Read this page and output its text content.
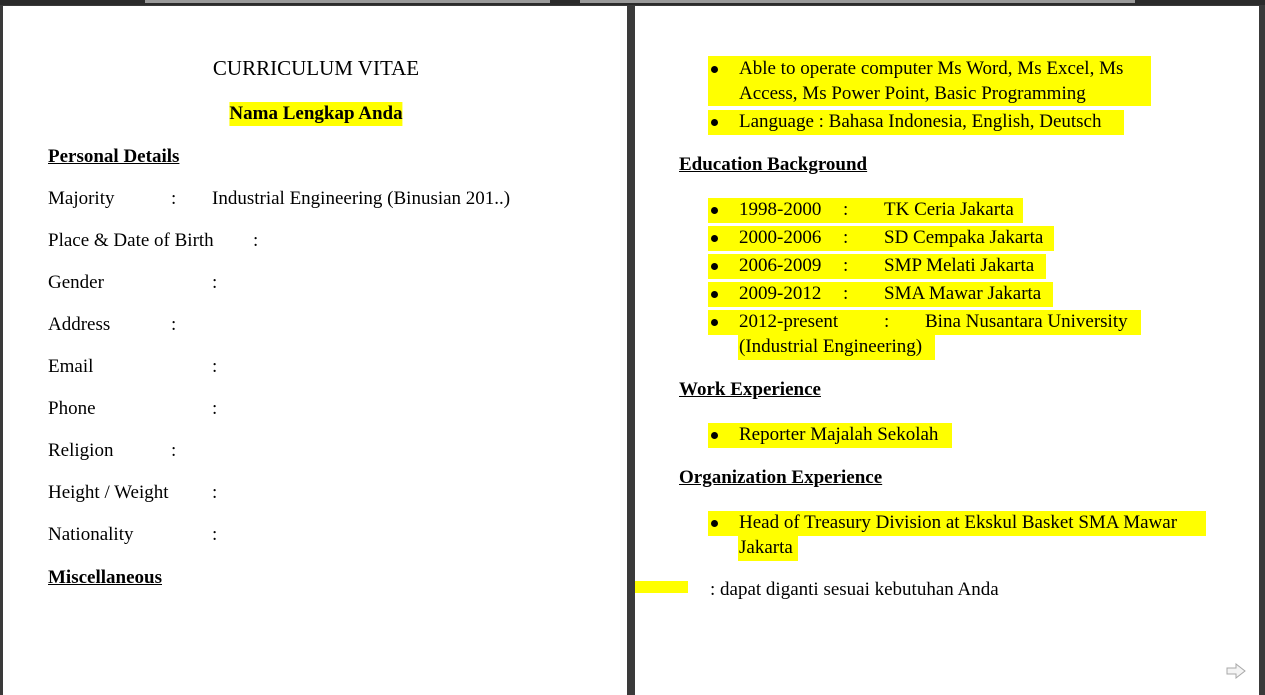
CURRICULUM VITAE
Nama Lengkap Anda
Personal Details
Majority	: Industrial Engineering (Binusian 201..)
Place & Date of Birth :
Gender	:
Address	:
Email	:
Phone	:
Religion	:
Height / Weight :
Nationality	:
Miscellaneous
Able to operate computer Ms Word, Ms Excel, Ms
Access, Ms Power Point, Basic Programming
Language : Bahasa Indonesia, English, Deutsch
Education Background
1998-2000 : TK Ceria Jakarta
2000-2006 : SD Cempaka Jakarta
2006-2009 : SMP Melati Jakarta
2009-2012 : SMA Mawar Jakarta
2012-present : Bina Nusantara University
(Industrial Engineering)
Work Experience
Reporter Majalah Sekolah
Organization Experience
Head of Treasury Division at Ekskul Basket SMA Mawar
Jakarta
: dapat diganti sesuai kebutuhan Anda
